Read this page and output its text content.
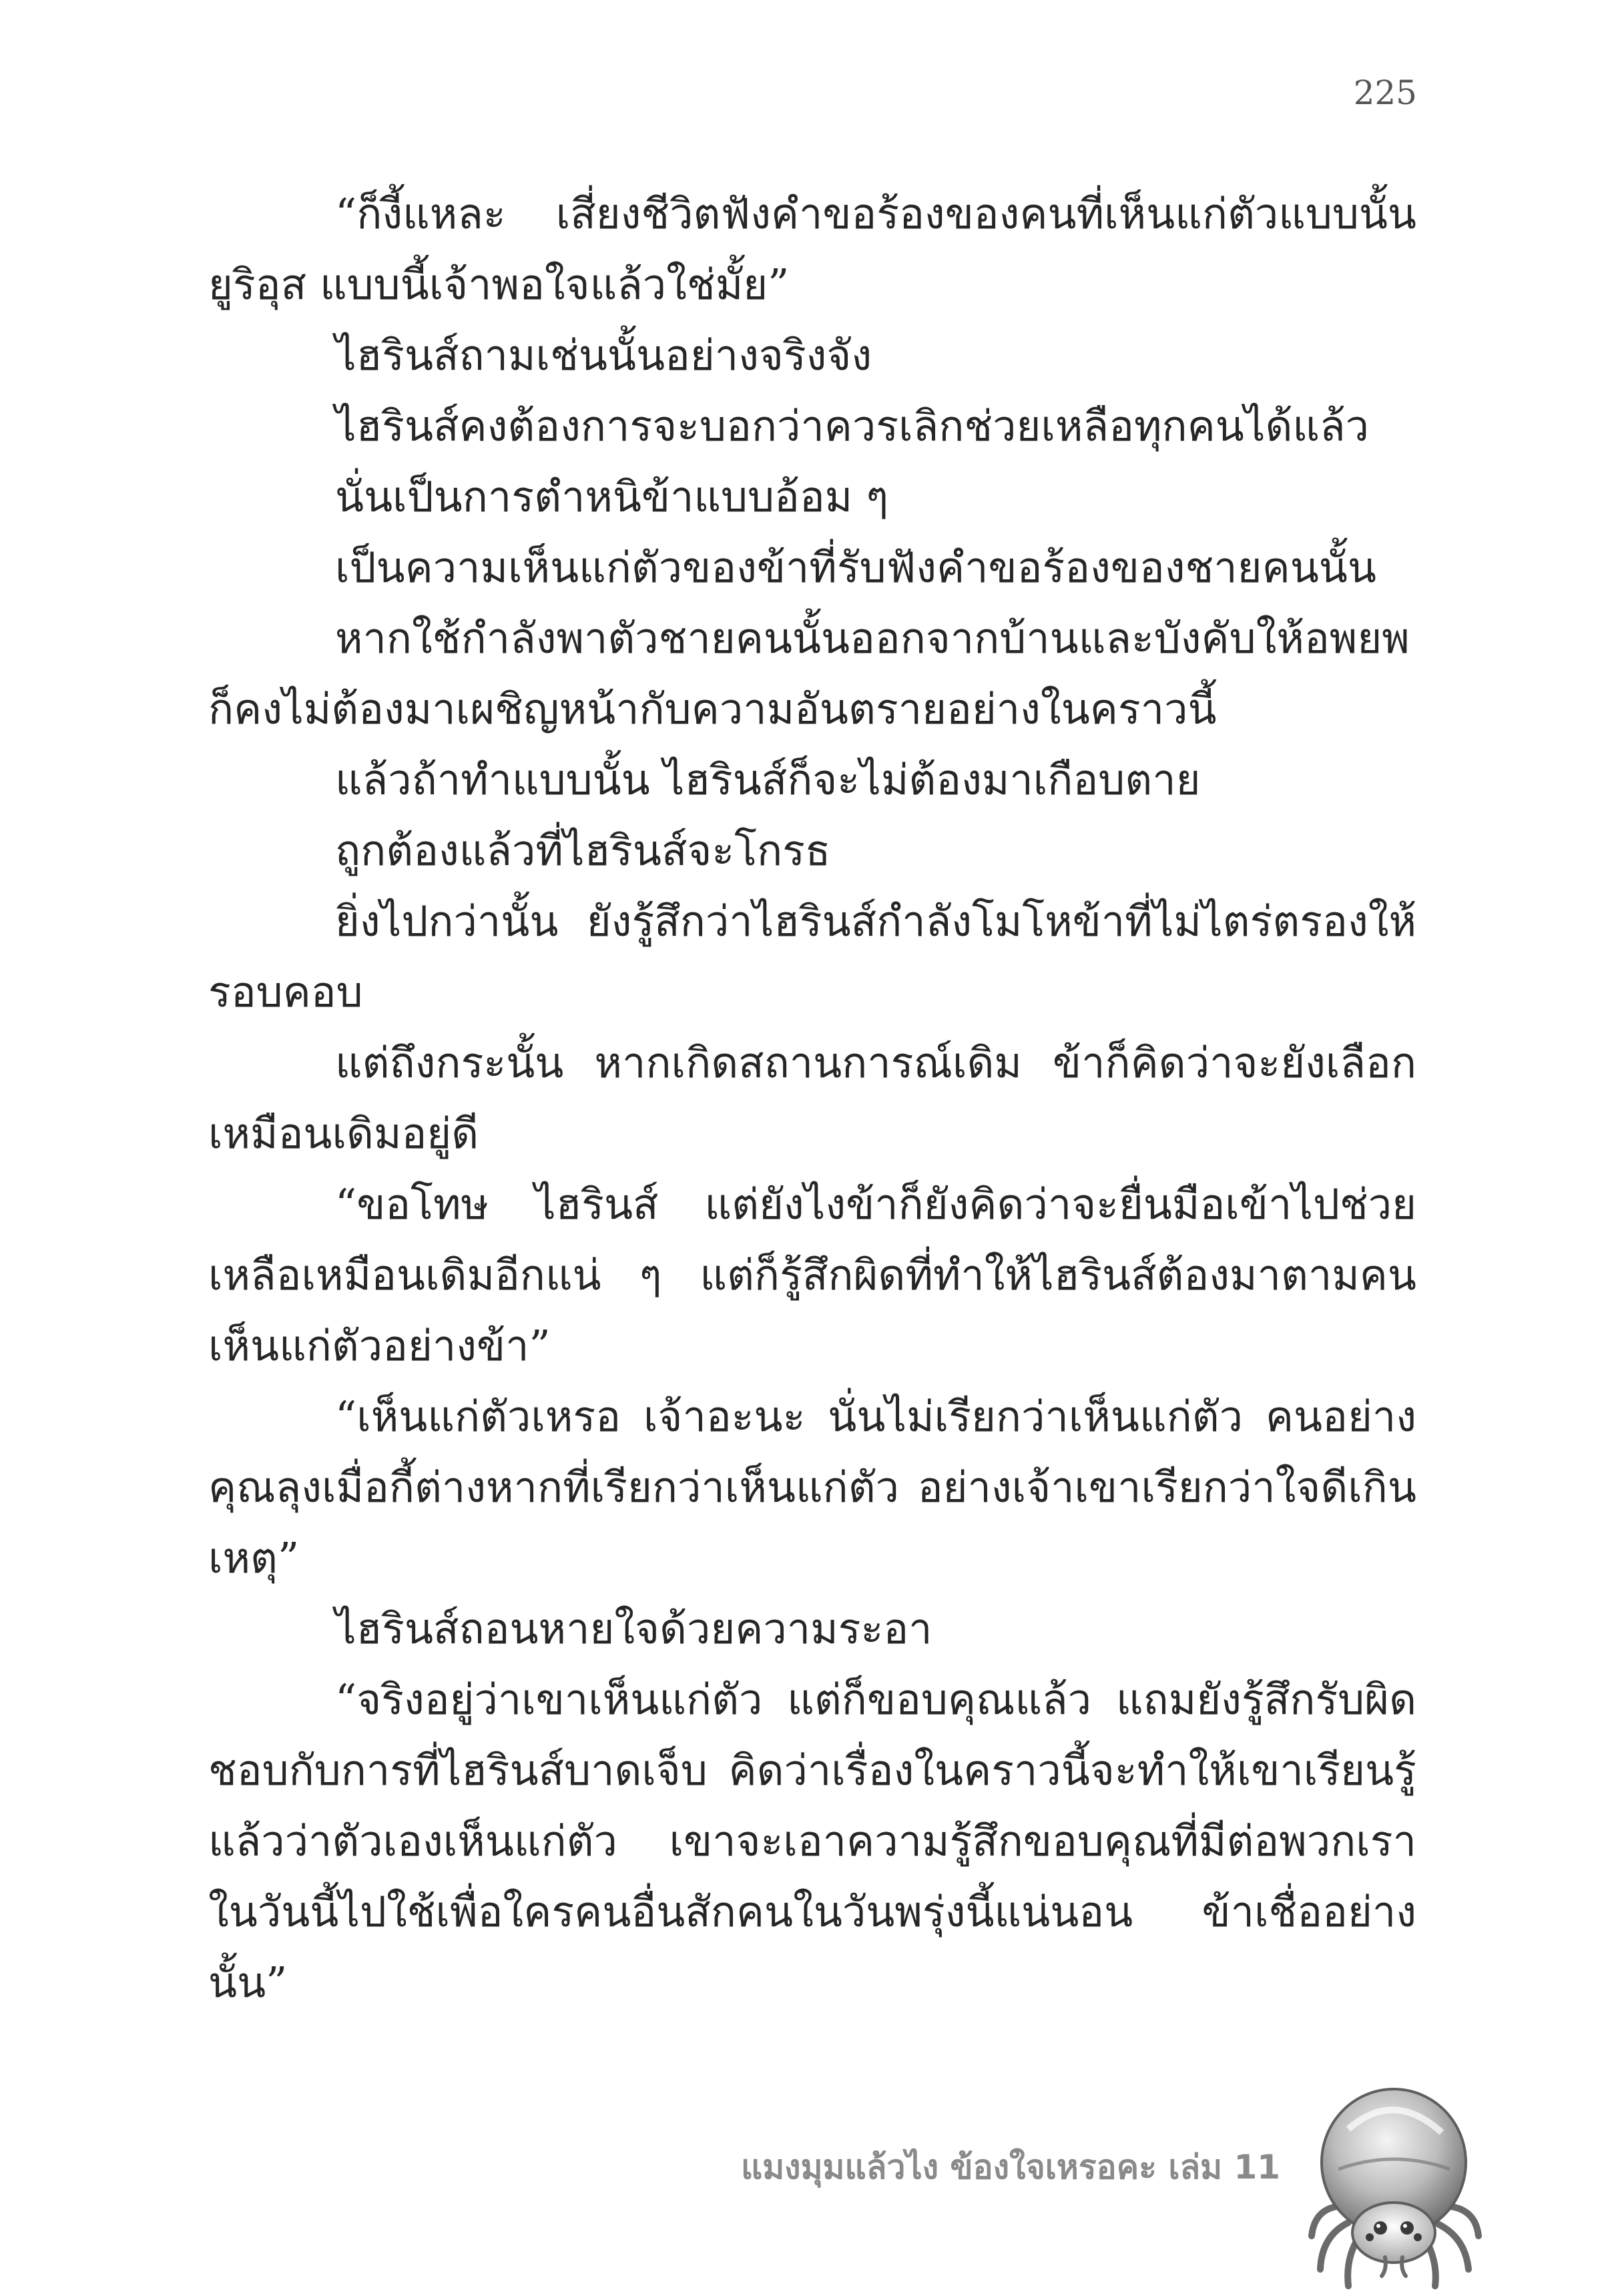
225

“ก็งี้แหละ เสี่ยงชีวิตฟังคำขอร้องของคนที่เห็นแก่ตัวแบบนั้น ยูริอุส แบบนี้เจ้าพอใจแล้วใช่มั้ย”

ไฮรินส์ถามเช่นนั้นอย่างจริงจัง

ไฮรินส์คงต้องการจะบอกว่าควรเลิกช่วยเหลือทุกคนได้แล้ว

นั่นเป็นการตำหนิข้าแบบอ้อม ๆ

เป็นความเห็นแก่ตัวของข้าที่รับฟังคำขอร้องของชายคนนั้น

หากใช้กำลังพาตัวชายคนนั้นออกจากบ้านและบังคับให้อพยพก็คงไม่ต้องมาเผชิญหน้ากับความอันตรายอย่างในคราวนี้

แล้วถ้าทำแบบนั้น ไฮรินส์ก็จะไม่ต้องมาเกือบตาย

ถูกต้องแล้วที่ไฮรินส์จะโกรธ

ยิ่งไปกว่านั้น ยังรู้สึกว่าไฮรินส์กำลังโมโหข้าที่ไม่ไตร่ตรองให้รอบคอบ

แต่ถึงกระนั้น หากเกิดสถานการณ์เดิม ข้าก็คิดว่าจะยังเลือกเหมือนเดิมอยู่ดี

“ขอโทษ ไฮรินส์ แต่ยังไงข้าก็ยังคิดว่าจะยื่นมือเข้าไปช่วยเหลือเหมือนเดิมอีกแน่ ๆ แต่ก็รู้สึกผิดที่ทำให้ไฮรินส์ต้องมาตามคนเห็นแก่ตัวอย่างข้า”

“เห็นแก่ตัวเหรอ เจ้าอะนะ นั่นไม่เรียกว่าเห็นแก่ตัว คนอย่างคุณลุงเมื่อกี้ต่างหากที่เรียกว่าเห็นแก่ตัว อย่างเจ้าเขาเรียกว่าใจดีเกินเหตุ”

ไฮรินส์ถอนหายใจด้วยความระอา

“จริงอยู่ว่าเขาเห็นแก่ตัว แต่ก็ขอบคุณแล้ว แถมยังรู้สึกรับผิดชอบกับการที่ไฮรินส์บาดเจ็บ คิดว่าเรื่องในคราวนี้จะทำให้เขาเรียนรู้แล้วว่าตัวเองเห็นแก่ตัว เขาจะเอาความรู้สึกขอบคุณที่มีต่อพวกเราในวันนี้ไปใช้เพื่อใครคนอื่นสักคนในวันพรุ่งนี้แน่นอน ข้าเชื่ออย่างนั้น”

แมงมุมแล้วไง ข้องใจเหรอคะ เล่ม 11
